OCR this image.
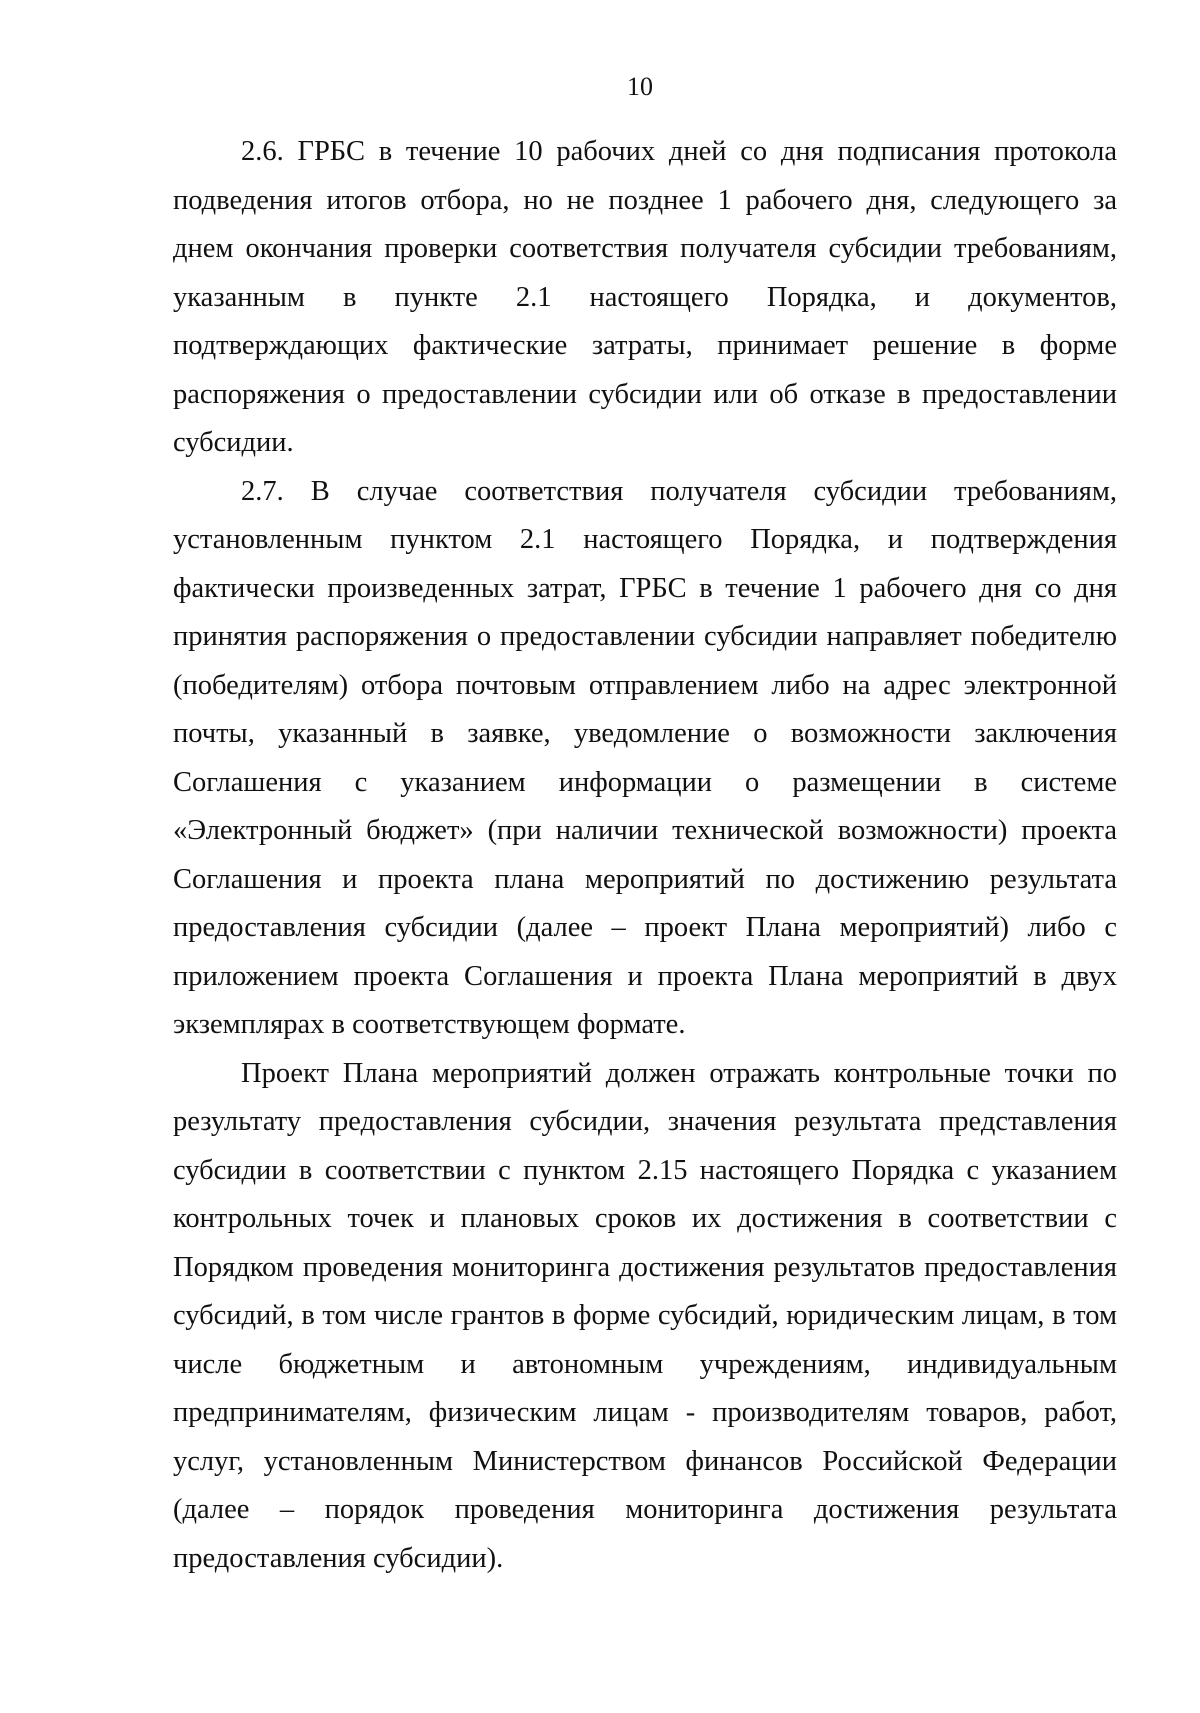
10

2.6. ГРБС в течение 10 рабочих дней со дня подписания протокола подведения итогов отбора, но не позднее 1 рабочего дня, следующего за днем окончания проверки соответствия получателя субсидии требованиям, указанным в пункте 2.1 настоящего Порядка, и документов, подтверждающих фактические затраты, принимает решение в форме распоряжения о предоставлении субсидии или об отказе в предоставлении субсидии.

2.7. В случае соответствия получателя субсидии требованиям, установленным пунктом 2.1 настоящего Порядка, и подтверждения фактически произведенных затрат, ГРБС в течение 1 рабочего дня со дня принятия распоряжения о предоставлении субсидии направляет победителю (победителям) отбора почтовым отправлением либо на адрес электронной почты, указанный в заявке, уведомление о возможности заключения Соглашения с указанием информации о размещении в системе «Электронный бюджет» (при наличии технической возможности) проекта Соглашения и проекта плана мероприятий по достижению результата предоставления субсидии (далее – проект Плана мероприятий) либо с приложением проекта Соглашения и проекта Плана мероприятий в двух экземплярах в соответствующем формате.

Проект Плана мероприятий должен отражать контрольные точки по результату предоставления субсидии, значения результата представления субсидии в соответствии с пунктом 2.15 настоящего Порядка с указанием контрольных точек и плановых сроков их достижения в соответствии с Порядком проведения мониторинга достижения результатов предоставления субсидий, в том числе грантов в форме субсидий, юридическим лицам, в том числе бюджетным и автономным учреждениям, индивидуальным предпринимателям, физическим лицам - производителям товаров, работ, услуг, установленным Министерством финансов Российской Федерации (далее – порядок проведения мониторинга достижения результата предоставления субсидии).
